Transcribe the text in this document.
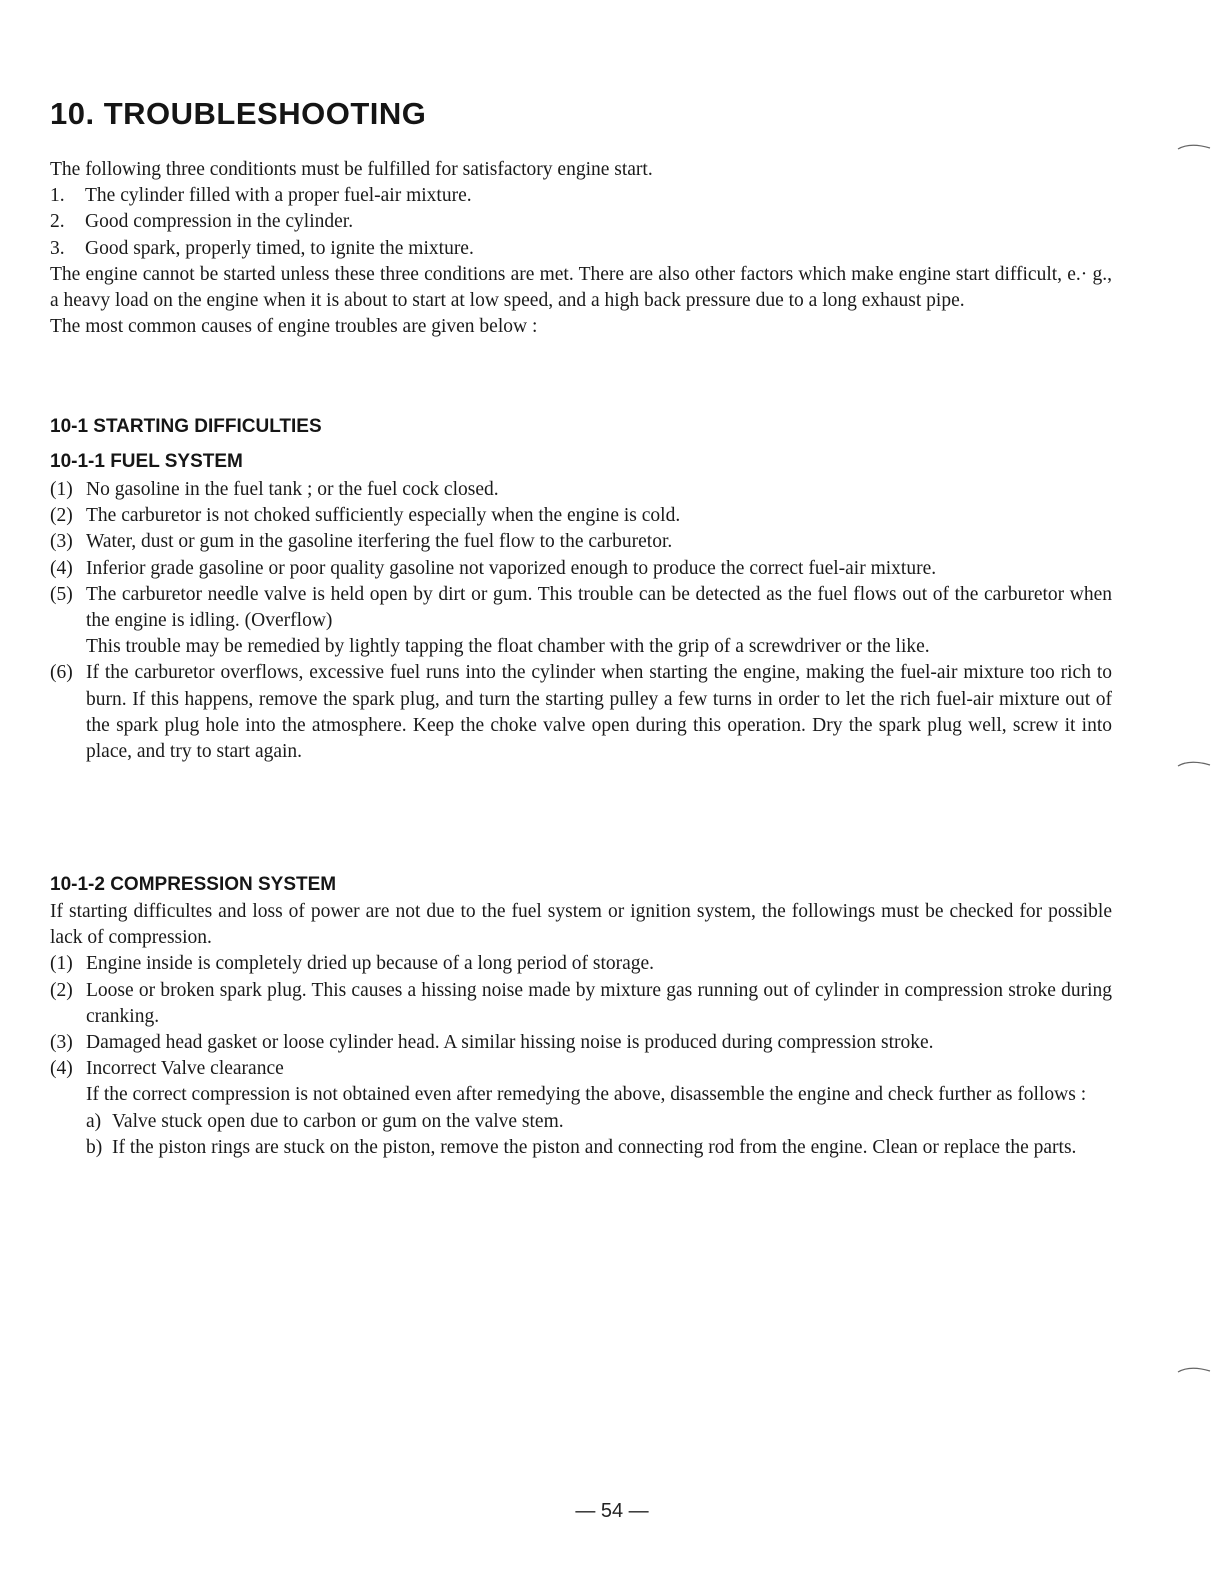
10. TROUBLESHOOTING

The following three conditionts must be fulfilled for satisfactory engine start.

1.	The cylinder filled with a proper fuel-air mixture.
2.	Good compression in the cylinder.
3.	Good spark, properly timed, to ignite the mixture.

The engine cannot be started unless these three conditions are met. There are also other factors which make engine start difficult, e.· g., a heavy load on the engine when it is about to start at low speed, and a high back pressure due to a long exhaust pipe.

The most common causes of engine troubles are given below :

10-1 STARTING DIFFICULTIES
10-1-1 FUEL SYSTEM
(1) No gasoline in the fuel tank ; or the fuel cock closed.
(2) The carburetor is not choked sufficiently especially when the engine is cold.
(3) Water, dust or gum in the gasoline iterfering the fuel flow to the carburetor.
(4) Inferior grade gasoline or poor quality gasoline not vaporized enough to produce the correct fuel-air mixture.
(5) The carburetor needle valve is held open by dirt or gum. This trouble can be detected as the fuel flows out of the carburetor when the engine is idling. (Overflow)

This trouble may be remedied by lightly tapping the float chamber with the grip of a screwdriver or the like.

(6) If the carburetor overflows, excessive fuel runs into the cylinder when starting the engine, making the fuel-air mixture too rich to burn. If this happens, remove the spark plug, and turn the starting pulley a few turns in order to let the rich fuel-air mixture out of the spark plug hole into the atmosphere. Keep the choke valve open during this operation. Dry the spark plug well, screw it into place, and try to start again.
10-1-2 COMPRESSION SYSTEM

If starting difficultes and loss of power are not due to the fuel system or ignition system, the followings must be checked for possible lack of compression.

(1) Engine inside is completely dried up because of a long period of storage.
(2) Loose or broken spark plug. This causes a hissing noise made by mixture gas running out of cylinder in compression stroke during cranking.
(3) Damaged head gasket or loose cylinder head. A similar hissing noise is produced during compression stroke.
(4) Incorrect Valve clearance

If the correct compression is not obtained even after remedying the above, disassemble the engine and check further as follows :

a) Valve stuck open due to carbon or gum on the valve stem.
b) If the piston rings are stuck on the piston, remove the piston and connecting rod from the engine. Clean or replace the parts.
— 54 —
